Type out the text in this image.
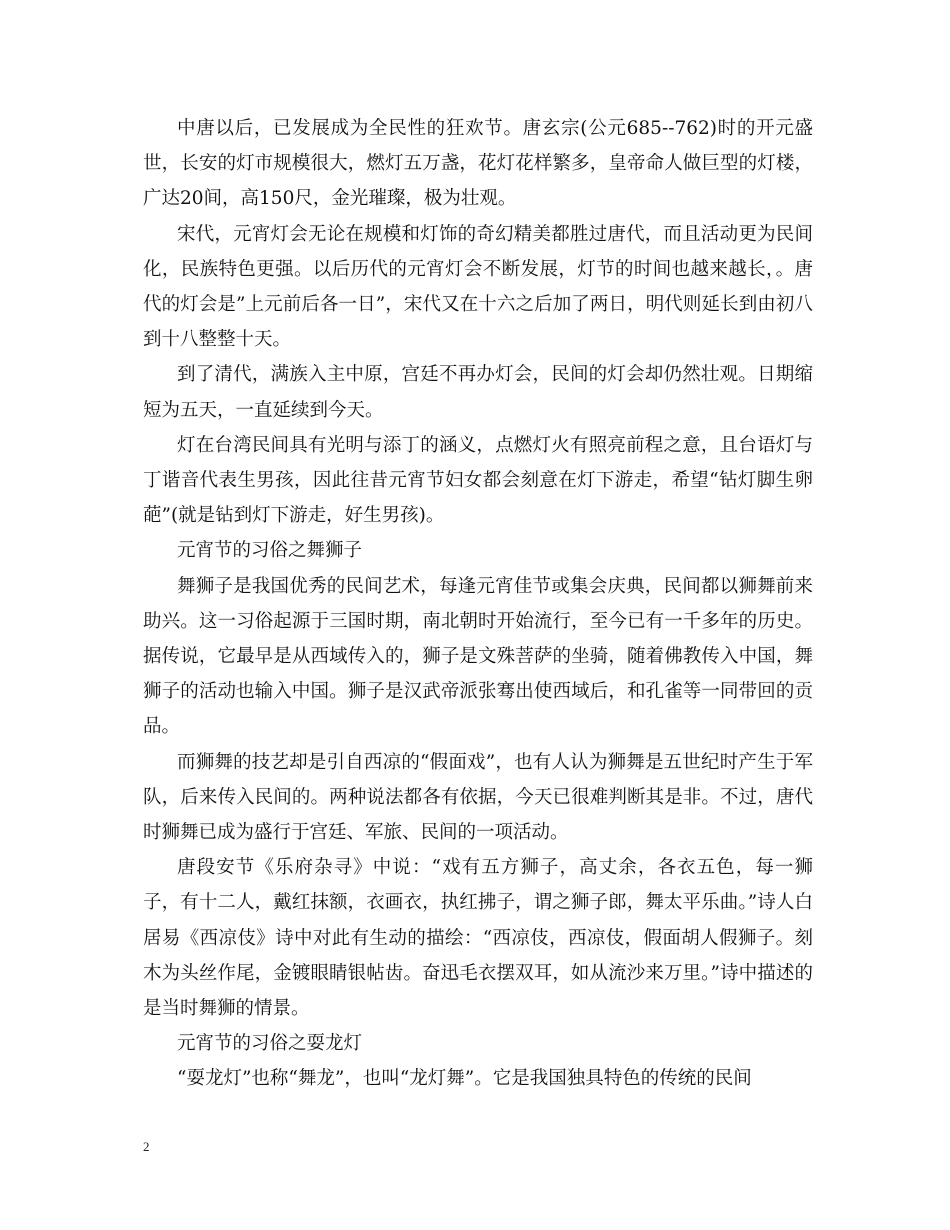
中唐以后，已发展成为全民性的狂欢节。唐玄宗(公元685--762)时的开元盛世，长安的灯市规模很大，燃灯五万盏，花灯花样繁多，皇帝命人做巨型的灯楼，广达20间，高150尺，金光璀璨，极为壮观。

宋代，元宵灯会无论在规模和灯饰的奇幻精美都胜过唐代，而且活动更为民间化，民族特色更强。以后历代的元宵灯会不断发展，灯节的时间也越来越长，。唐代的灯会是”上元前后各一日”，宋代又在十六之后加了两日，明代则延长到由初八到十八整整十天。

到了清代，满族入主中原，宫廷不再办灯会，民间的灯会却仍然壮观。日期缩短为五天，一直延续到今天。

灯在台湾民间具有光明与添丁的涵义，点燃灯火有照亮前程之意，且台语灯与丁谐音代表生男孩，因此往昔元宵节妇女都会刻意在灯下游走，希望“钻灯脚生卵葩”(就是钻到灯下游走，好生男孩)。

元宵节的习俗之舞狮子

舞狮子是我国优秀的民间艺术，每逢元宵佳节或集会庆典，民间都以狮舞前来助兴。这一习俗起源于三国时期，南北朝时开始流行，至今已有一千多年的历史。据传说，它最早是从西域传入的，狮子是文殊菩萨的坐骑，随着佛教传入中国，舞狮子的活动也输入中国。狮子是汉武帝派张骞出使西域后，和孔雀等一同带回的贡品。

而狮舞的技艺却是引自西凉的“假面戏”，也有人认为狮舞是五世纪时产生于军队，后来传入民间的。两种说法都各有依据，今天已很难判断其是非。不过，唐代时狮舞已成为盛行于宫廷、军旅、民间的一项活动。

唐段安节《乐府杂寻》中说：“戏有五方狮子，高丈余，各衣五色，每一狮子，有十二人，戴红抹额，衣画衣，执红拂子，谓之狮子郎，舞太平乐曲。”诗人白居易《西凉伎》诗中对此有生动的描绘：“西凉伎，西凉伎，假面胡人假狮子。刻木为头丝作尾，金镀眼睛银帖齿。奋迅毛衣摆双耳，如从流沙来万里。”诗中描述的是当时舞狮的情景。

元宵节的习俗之耍龙灯

“耍龙灯”也称“舞龙”，也叫“龙灯舞”。它是我国独具特色的传统的民间

2
